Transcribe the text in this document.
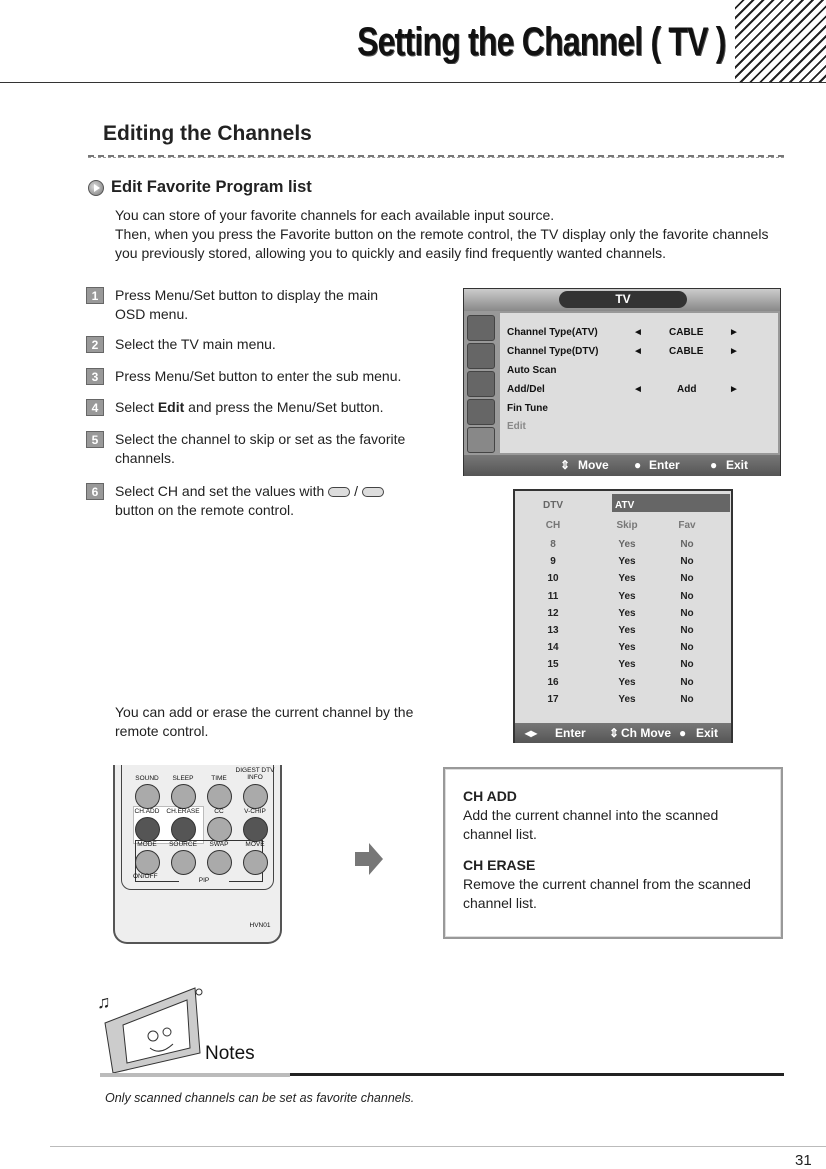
Setting the Channel ( TV )
Editing the Channels
Edit Favorite Program list
You can store of your favorite channels for each available input source.
Then, when you press the Favorite button on the remote control, the TV display only the favorite channels
you previously stored, allowing you to quickly and easily find frequently wanted channels.
1	Press Menu/Set button to display the main OSD menu.
2	Select the TV main menu.
3	Press Menu/Set button to enter the sub menu.
4	Select Edit and press the Menu/Set button.
5	Select the channel to skip or set as the favorite channels.
6	Select CH and set the values with  /
button on the remote control.
TV
Channel Type(ATV)	◄	CABLE	►
Channel Type(DTV)	◄	CABLE	►
Auto Scan
Add/Del	◄	Add	►
Fin Tune
Edit
⇕ Move ● Enter	● Exit
DTV	ATV
CH	Skip	Fav
8	Yes	No
9	Yes	No
10	Yes	No
11	Yes	No
12	Yes	No
13	Yes	No
14	Yes	No
15	Yes	No
16	Yes	No
17	Yes	No
◂▸ Enter ⇕ Ch Move ● Exit
You can add or erase the current channel by the remote control.
SOUND	SLEEP	TIME
DIGEST DTV INFO
CH.ADD	CH.ERASE	CC	V-CHIP
MODE	SOURCE	SWAP	MOVE
ON/OFF
PIP
HVN01
CH ADD
Add the current channel into the scanned channel list.
CH ERASE
Remove the current channel from the scanned channel list.
♫
Notes
Only scanned channels can be set as favorite channels.
31
